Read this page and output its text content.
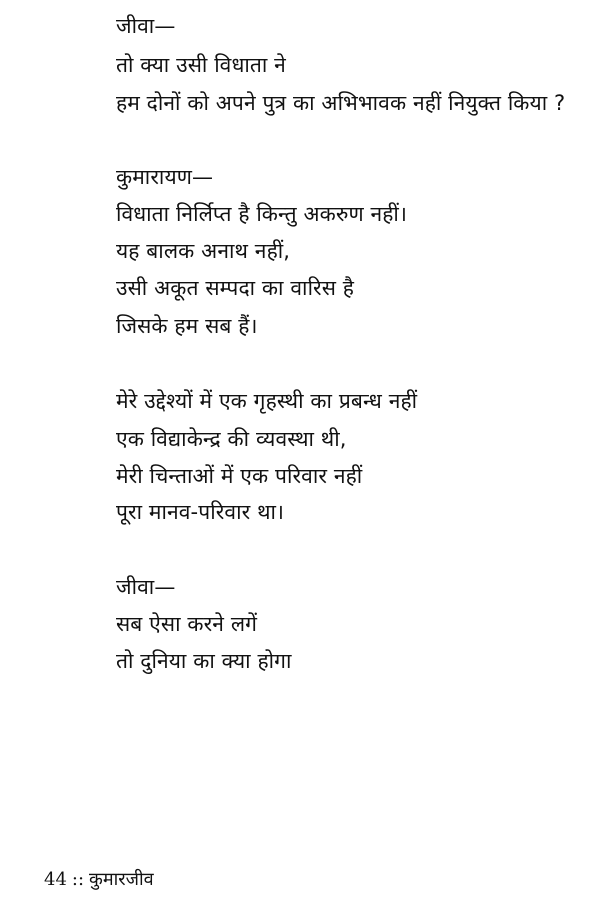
जीवा—
तो क्या उसी विधाता ने
हम दोनों को अपने पुत्र का अभिभावक नहीं नियुक्त किया ?
कुमारायण—
विधाता निर्लिप्त है किन्तु अकरुण नहीं।
यह बालक अनाथ नहीं,
उसी अकूत सम्पदा का वारिस है
जिसके हम सब हैं।
मेरे उद्देश्यों में एक गृहस्थी का प्रबन्ध नहीं
एक विद्याकेन्द्र की व्यवस्था थी,
मेरी चिन्ताओं में एक परिवार नहीं
पूरा मानव-परिवार था।
जीवा—
सब ऐसा करने लगें
तो दुनिया का क्या होगा
44 :: कुमारजीव
